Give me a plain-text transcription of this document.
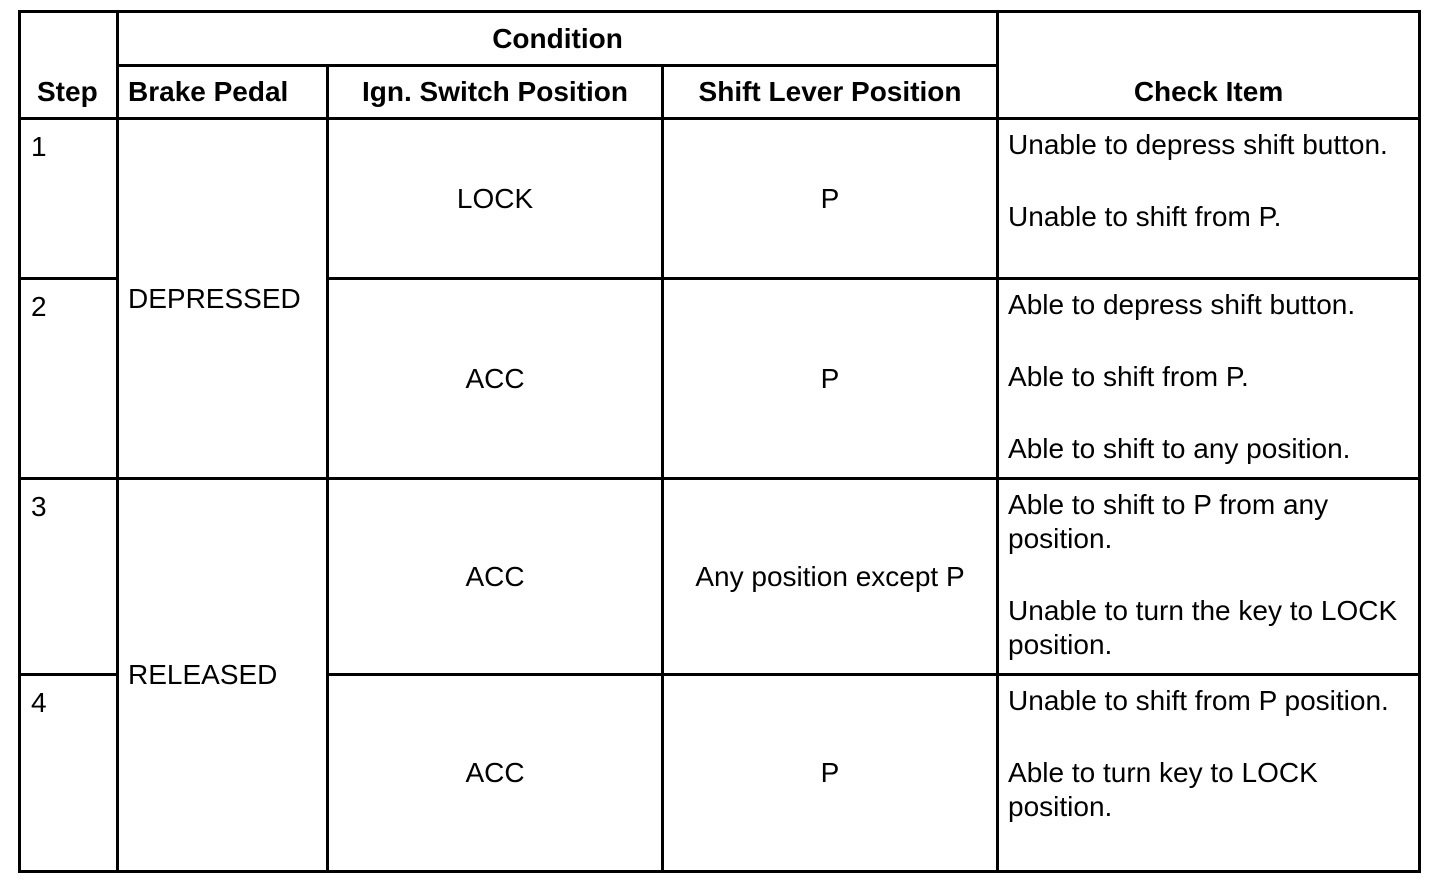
Step	Condition			Check Item
	Brake Pedal	Ign. Switch Position	Shift Lever Position	
1	DEPRESSED	LOCK	P	Unable to depress shift button.
Unable to shift from P.

2		ACC	P	Able to depress shift button.
Able to shift from P.
Able to shift to any position.

3	RELEASED	ACC	Any position except P	Able to shift to P from any position.
Unable to turn the key to LOCK position.

4		ACC	P	Unable to shift from P position.
Able to turn key to LOCK position.
